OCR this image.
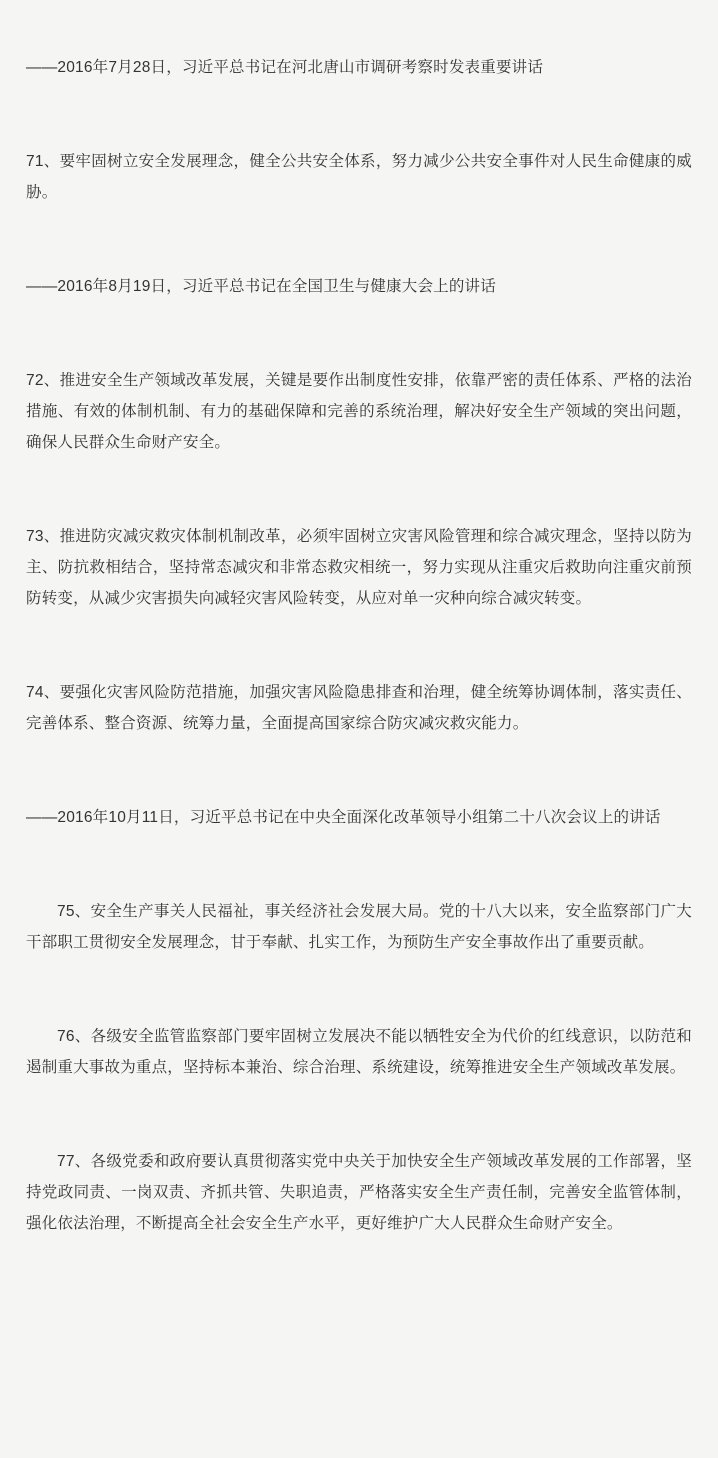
——2016年7月28日，习近平总书记在河北唐山市调研考察时发表重要讲话

71、要牢固树立安全发展理念，健全公共安全体系，努力减少公共安全事件对人民生命健康的威胁。

——2016年8月19日，习近平总书记在全国卫生与健康大会上的讲话

72、推进安全生产领域改革发展，关键是要作出制度性安排，依靠严密的责任体系、严格的法治措施、有效的体制机制、有力的基础保障和完善的系统治理，解决好安全生产领域的突出问题，确保人民群众生命财产安全。

73、推进防灾减灾救灾体制机制改革，必须牢固树立灾害风险管理和综合减灾理念，坚持以防为主、防抗救相结合，坚持常态减灾和非常态救灾相统一，努力实现从注重灾后救助向注重灾前预防转变，从减少灾害损失向减轻灾害风险转变，从应对单一灾种向综合减灾转变。

74、要强化灾害风险防范措施，加强灾害风险隐患排查和治理，健全统筹协调体制，落实责任、完善体系、整合资源、统筹力量，全面提高国家综合防灾减灾救灾能力。

——2016年10月11日，习近平总书记在中央全面深化改革领导小组第二十八次会议上的讲话

75、安全生产事关人民福祉，事关经济社会发展大局。党的十八大以来，安全监察部门广大干部职工贯彻安全发展理念，甘于奉献、扎实工作，为预防生产安全事故作出了重要贡献。

76、各级安全监管监察部门要牢固树立发展决不能以牺牲安全为代价的红线意识，以防范和遏制重大事故为重点，坚持标本兼治、综合治理、系统建设，统筹推进安全生产领域改革发展。

77、各级党委和政府要认真贯彻落实党中央关于加快安全生产领域改革发展的工作部署，坚持党政同责、一岗双责、齐抓共管、失职追责，严格落实安全生产责任制，完善安全监管体制，强化依法治理，不断提高全社会安全生产水平，更好维护广大人民群众生命财产安全。
